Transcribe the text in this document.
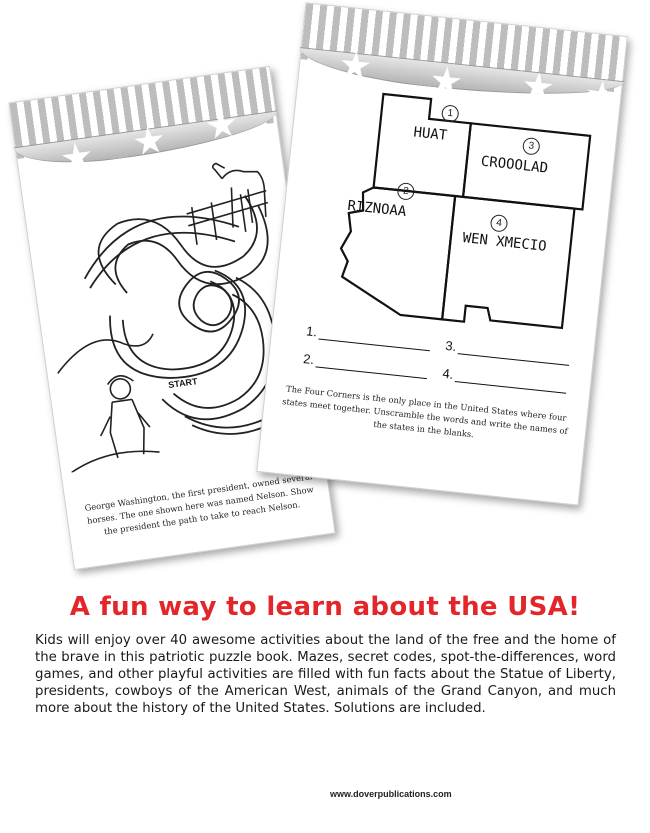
START
George Washington, the first president, owned several horses. The one shown here was named Nelson. Show the president the path to take to reach Nelson.
1
HUAT
3
CROOOLAD
2
RIZNOAA
4
WEN XMECIO
1.
3.
2.
4.
The Four Corners is the only place in the United States where four states meet together. Unscramble the words and write the names of the states in the blanks.
A fun way to learn about the USA!

Kids will enjoy over 40 awesome activities about the land of the free and the home of the brave in this patriotic puzzle book. Mazes, secret codes, spot-the-differences, word games, and other playful activities are filled with fun facts about the Statue of Liberty, presidents, cowboys of the American West, animals of the Grand Canyon, and much more about the history of the United States. Solutions are included.

www.doverpublications.com
